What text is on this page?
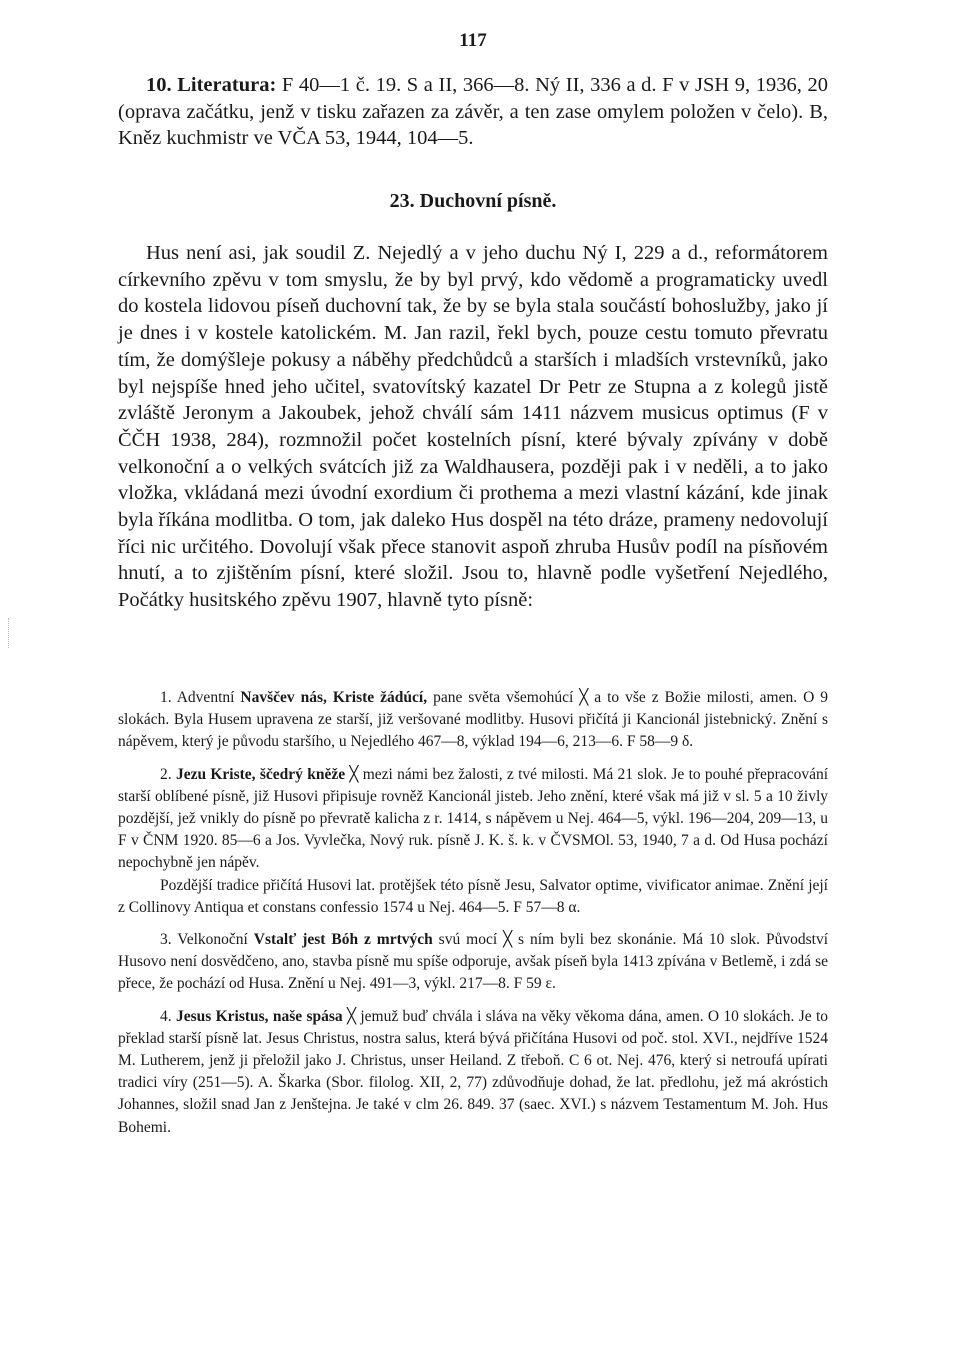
117

10. Literatura: F 40—1 č. 19. S a II, 366—8. Ný II, 336 a d. F v JSH 9, 1936, 20 (oprava začátku, jenž v tisku zařazen za závěr, a ten zase omylem položen v čelo). B, Kněz kuchmistr ve VČA 53, 1944, 104—5.

23. Duchovní písně.

Hus není asi, jak soudil Z. Nejedlý a v jeho duchu Ný I, 229 a d., reformátorem církevního zpěvu v tom smyslu, že by byl prvý, kdo vědomě a programaticky uvedl do kostela lidovou píseň duchovní tak, že by se byla stala součástí bohoslužby, jako jí je dnes i v kostele katolickém. M. Jan razil, řekl bych, pouze cestu tomuto převratu tím, že domýšleje pokusy a náběhy předchůdců a starších i mladších vrstevníků, jako byl nejspíše hned jeho učitel, svatovítský kazatel Dr Petr ze Stupna a z kolegů jistě zvláště Jeronym a Jakoubek, jehož chválí sám 1411 názvem musicus optimus (F v ČČH 1938, 284), rozmnožil počet kostelních písní, které bývaly zpívány v době velkonoční a o velkých svátcích již za Waldhausera, později pak i v neděli, a to jako vložka, vkládaná mezi úvodní exordium či prothema a mezi vlastní kázání, kde jinak byla říkána modlitba. O tom, jak daleko Hus dospěl na této dráze, prameny nedovolují říci nic určitého. Dovolují však přece stanovit aspoň zhruba Husův podíl na písňovém hnutí, a to zjištěním písní, které složil. Jsou to, hlavně podle vyšetření Nejedlého, Počátky husitského zpěvu 1907, hlavně tyto písně:

1. Adventní Navščev nás, Kriste žádúcí, pane světa všemohúcí ╳ a to vše z Božie milosti, amen. O 9 slokách. Byla Husem upravena ze starší, již veršované modlitby. Husovi přičítá ji Kancionál jistebnický. Znění s nápěvem, který je původu staršího, u Nejedlého 467—8, výklad 194—6, 213—6. F 58—9 δ.

2. Jezu Kriste, ščedrý kněže ╳ mezi námi bez žalosti, z tvé milosti. Má 21 slok. Je to pouhé přepracování starší oblíbené písně, již Husovi připisuje rovněž Kancionál jisteb. Jeho znění, které však má již v sl. 5 a 10 živly pozdější, jež vnikly do písně po převratě kalicha z r. 1414, s nápěvem u Nej. 464—5, výkl. 196—204, 209—13, u F v ČNM 1920. 85—6 a Jos. Vyvlečka, Nový ruk. písně J. K. š. k. v ČVSMOl. 53, 1940, 7 a d. Od Husa pochází nepochybně jen nápěv.

Pozdější tradice přičítá Husovi lat. protějšek této písně Jesu, Salvator optime, vivificator animae. Znění její z Collinovy Antiqua et constans confessio 1574 u Nej. 464—5. F 57—8 α.

3. Velkonoční Vstalť jest Bóh z mrtvých svú mocí ╳ s ním byli bez skonánie. Má 10 slok. Původství Husovo není dosvědčeno, ano, stavba písně mu spíše odporuje, avšak píseň byla 1413 zpívána v Betlemě, i zdá se přece, že pochází od Husa. Znění u Nej. 491—3, výkl. 217—8. F 59 ε.

4. Jesus Kristus, naše spása ╳ jemuž buď chvála i sláva na věky věkoma dána, amen. O 10 slokách. Je to překlad starší písně lat. Jesus Christus, nostra salus, která bývá přičítána Husovi od poč. stol. XVI., nejdříve 1524 M. Lutherem, jenž ji přeložil jako J. Christus, unser Heiland. Z třeboň. C 6 ot. Nej. 476, který si netroufá upírati tradici víry (251—5). A. Škarka (Sbor. filolog. XII, 2, 77) zdůvodňuje dohad, že lat. předlohu, jež má akróstich Johannes, složil snad Jan z Jenštejna. Je také v clm 26. 849. 37 (saec. XVI.) s názvem Testamentum M. Joh. Hus Bohemi.
